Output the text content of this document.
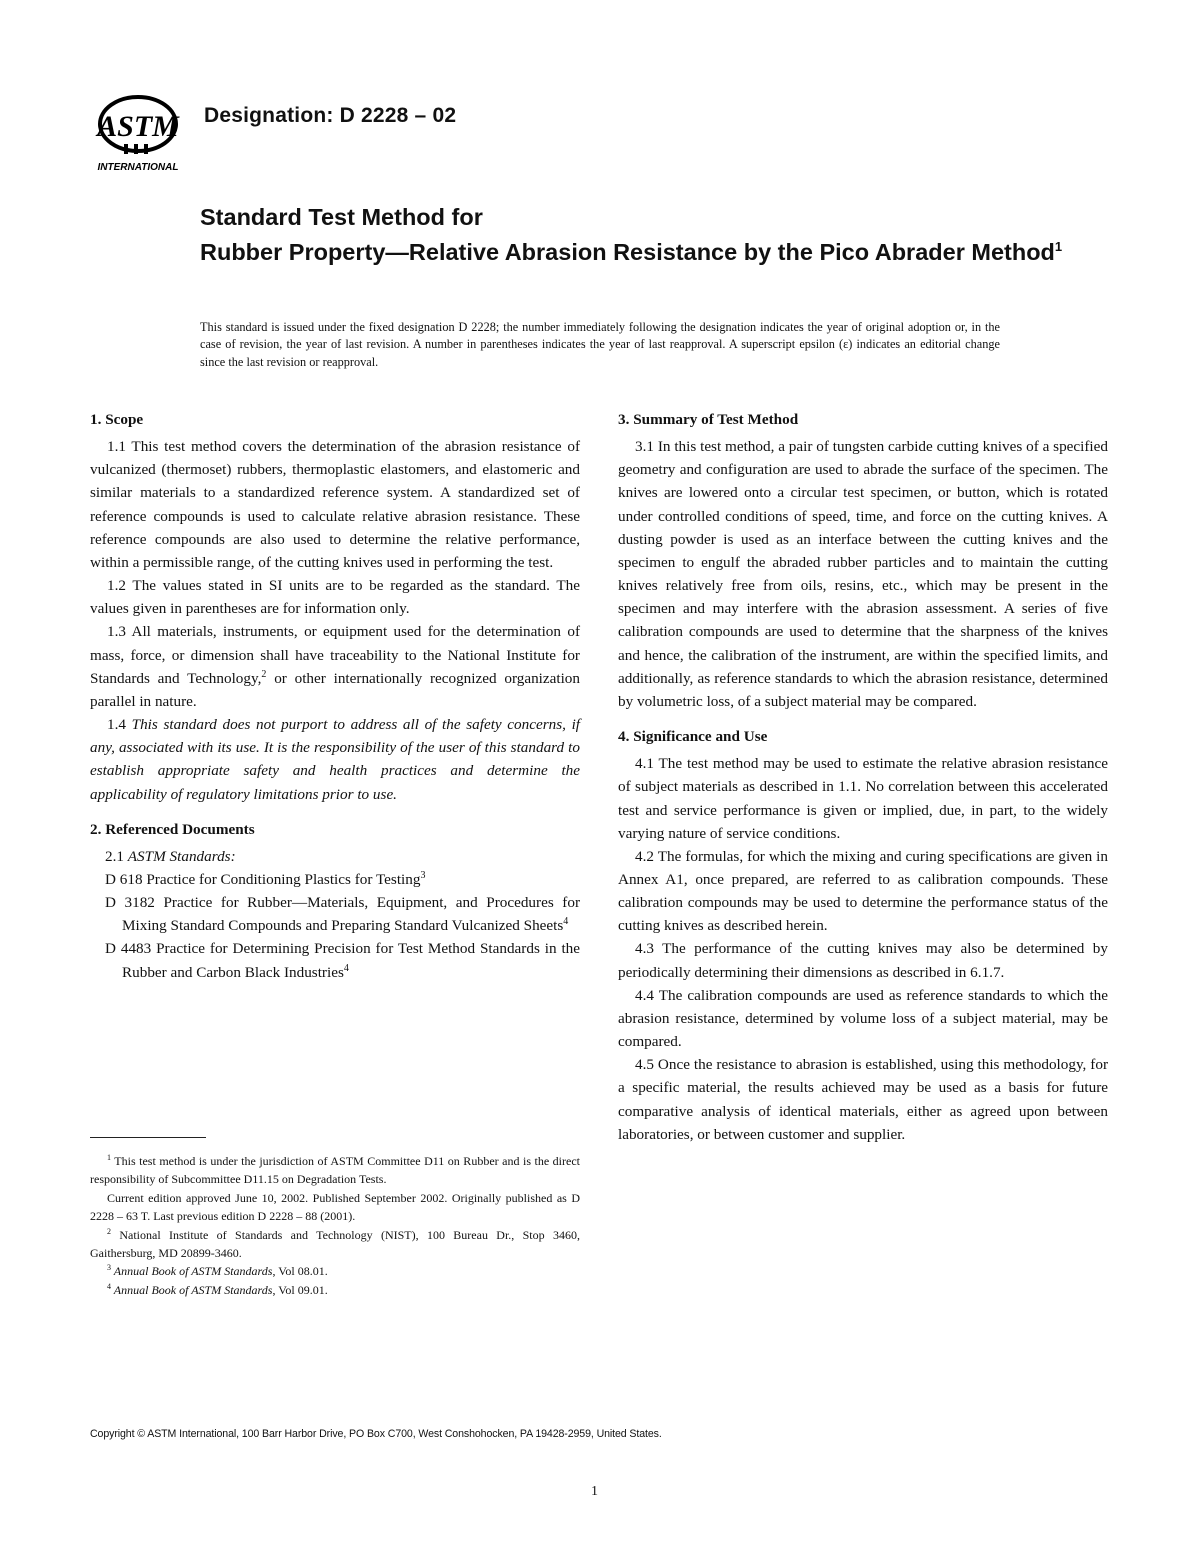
ASTM
INTERNATIONAL
Designation: D 2228 – 02
Standard Test Method for
Rubber Property—Relative Abrasion Resistance by the Pico Abrader Method$^1$
This standard is issued under the fixed designation D 2228; the number immediately following the designation indicates the year of original adoption or, in the case of revision, the year of last revision. A number in parentheses indicates the year of last reapproval. A superscript epsilon (ε) indicates an editorial change since the last revision or reapproval.

1. Scope

1.1 This test method covers the determination of the abrasion resistance of vulcanized (thermoset) rubbers, thermoplastic elastomers, and elastomeric and similar materials to a standardized reference system. A standardized set of reference compounds is used to calculate relative abrasion resistance. These reference compounds are also used to determine the relative performance, within a permissible range, of the cutting knives used in performing the test.

1.2 The values stated in SI units are to be regarded as the standard. The values given in parentheses are for information only.

1.3 All materials, instruments, or equipment used for the determination of mass, force, or dimension shall have traceability to the National Institute for Standards and Technology,$^2$ or other internationally recognized organization parallel in nature.

1.4 This standard does not purport to address all of the safety concerns, if any, associated with its use. It is the responsibility of the user of this standard to establish appropriate safety and health practices and determine the applicability of regulatory limitations prior to use.

2. Referenced Documents

2.1 ASTM Standards:

D 618 Practice for Conditioning Plastics for Testing$^3$

D 3182 Practice for Rubber—Materials, Equipment, and Procedures for Mixing Standard Compounds and Preparing Standard Vulcanized Sheets$^4$

D 4483 Practice for Determining Precision for Test Method Standards in the Rubber and Carbon Black Industries$^4$

3. Summary of Test Method

3.1 In this test method, a pair of tungsten carbide cutting knives of a specified geometry and configuration are used to abrade the surface of the specimen. The knives are lowered onto a circular test specimen, or button, which is rotated under controlled conditions of speed, time, and force on the cutting knives. A dusting powder is used as an interface between the cutting knives and the specimen to engulf the abraded rubber particles and to maintain the cutting knives relatively free from oils, resins, etc., which may be present in the specimen and may interfere with the abrasion assessment. A series of five calibration compounds are used to determine that the sharpness of the knives and hence, the calibration of the instrument, are within the specified limits, and additionally, as reference standards to which the abrasion resistance, determined by volumetric loss, of a subject material may be compared.

4. Significance and Use

4.1 The test method may be used to estimate the relative abrasion resistance of subject materials as described in 1.1. No correlation between this accelerated test and service performance is given or implied, due, in part, to the widely varying nature of service conditions.

4.2 The formulas, for which the mixing and curing specifications are given in Annex A1, once prepared, are referred to as calibration compounds. These calibration compounds may be used to determine the performance status of the cutting knives as described herein.

4.3 The performance of the cutting knives may also be determined by periodically determining their dimensions as described in 6.1.7.

4.4 The calibration compounds are used as reference standards to which the abrasion resistance, determined by volume loss of a subject material, may be compared.

4.5 Once the resistance to abrasion is established, using this methodology, for a specific material, the results achieved may be used as a basis for future comparative analysis of identical materials, either as agreed upon between laboratories, or between customer and supplier.

$^1$ This test method is under the jurisdiction of ASTM Committee D11 on Rubber and is the direct responsibility of Subcommittee D11.15 on Degradation Tests.

Current edition approved June 10, 2002. Published September 2002. Originally published as D 2228 – 63 T. Last previous edition D 2228 – 88 (2001).

$^2$ National Institute of Standards and Technology (NIST), 100 Bureau Dr., Stop 3460, Gaithersburg, MD 20899-3460.

$^3$ Annual Book of ASTM Standards, Vol 08.01.

$^4$ Annual Book of ASTM Standards, Vol 09.01.

Copyright © ASTM International, 100 Barr Harbor Drive, PO Box C700, West Conshohocken, PA 19428-2959, United States.
1
